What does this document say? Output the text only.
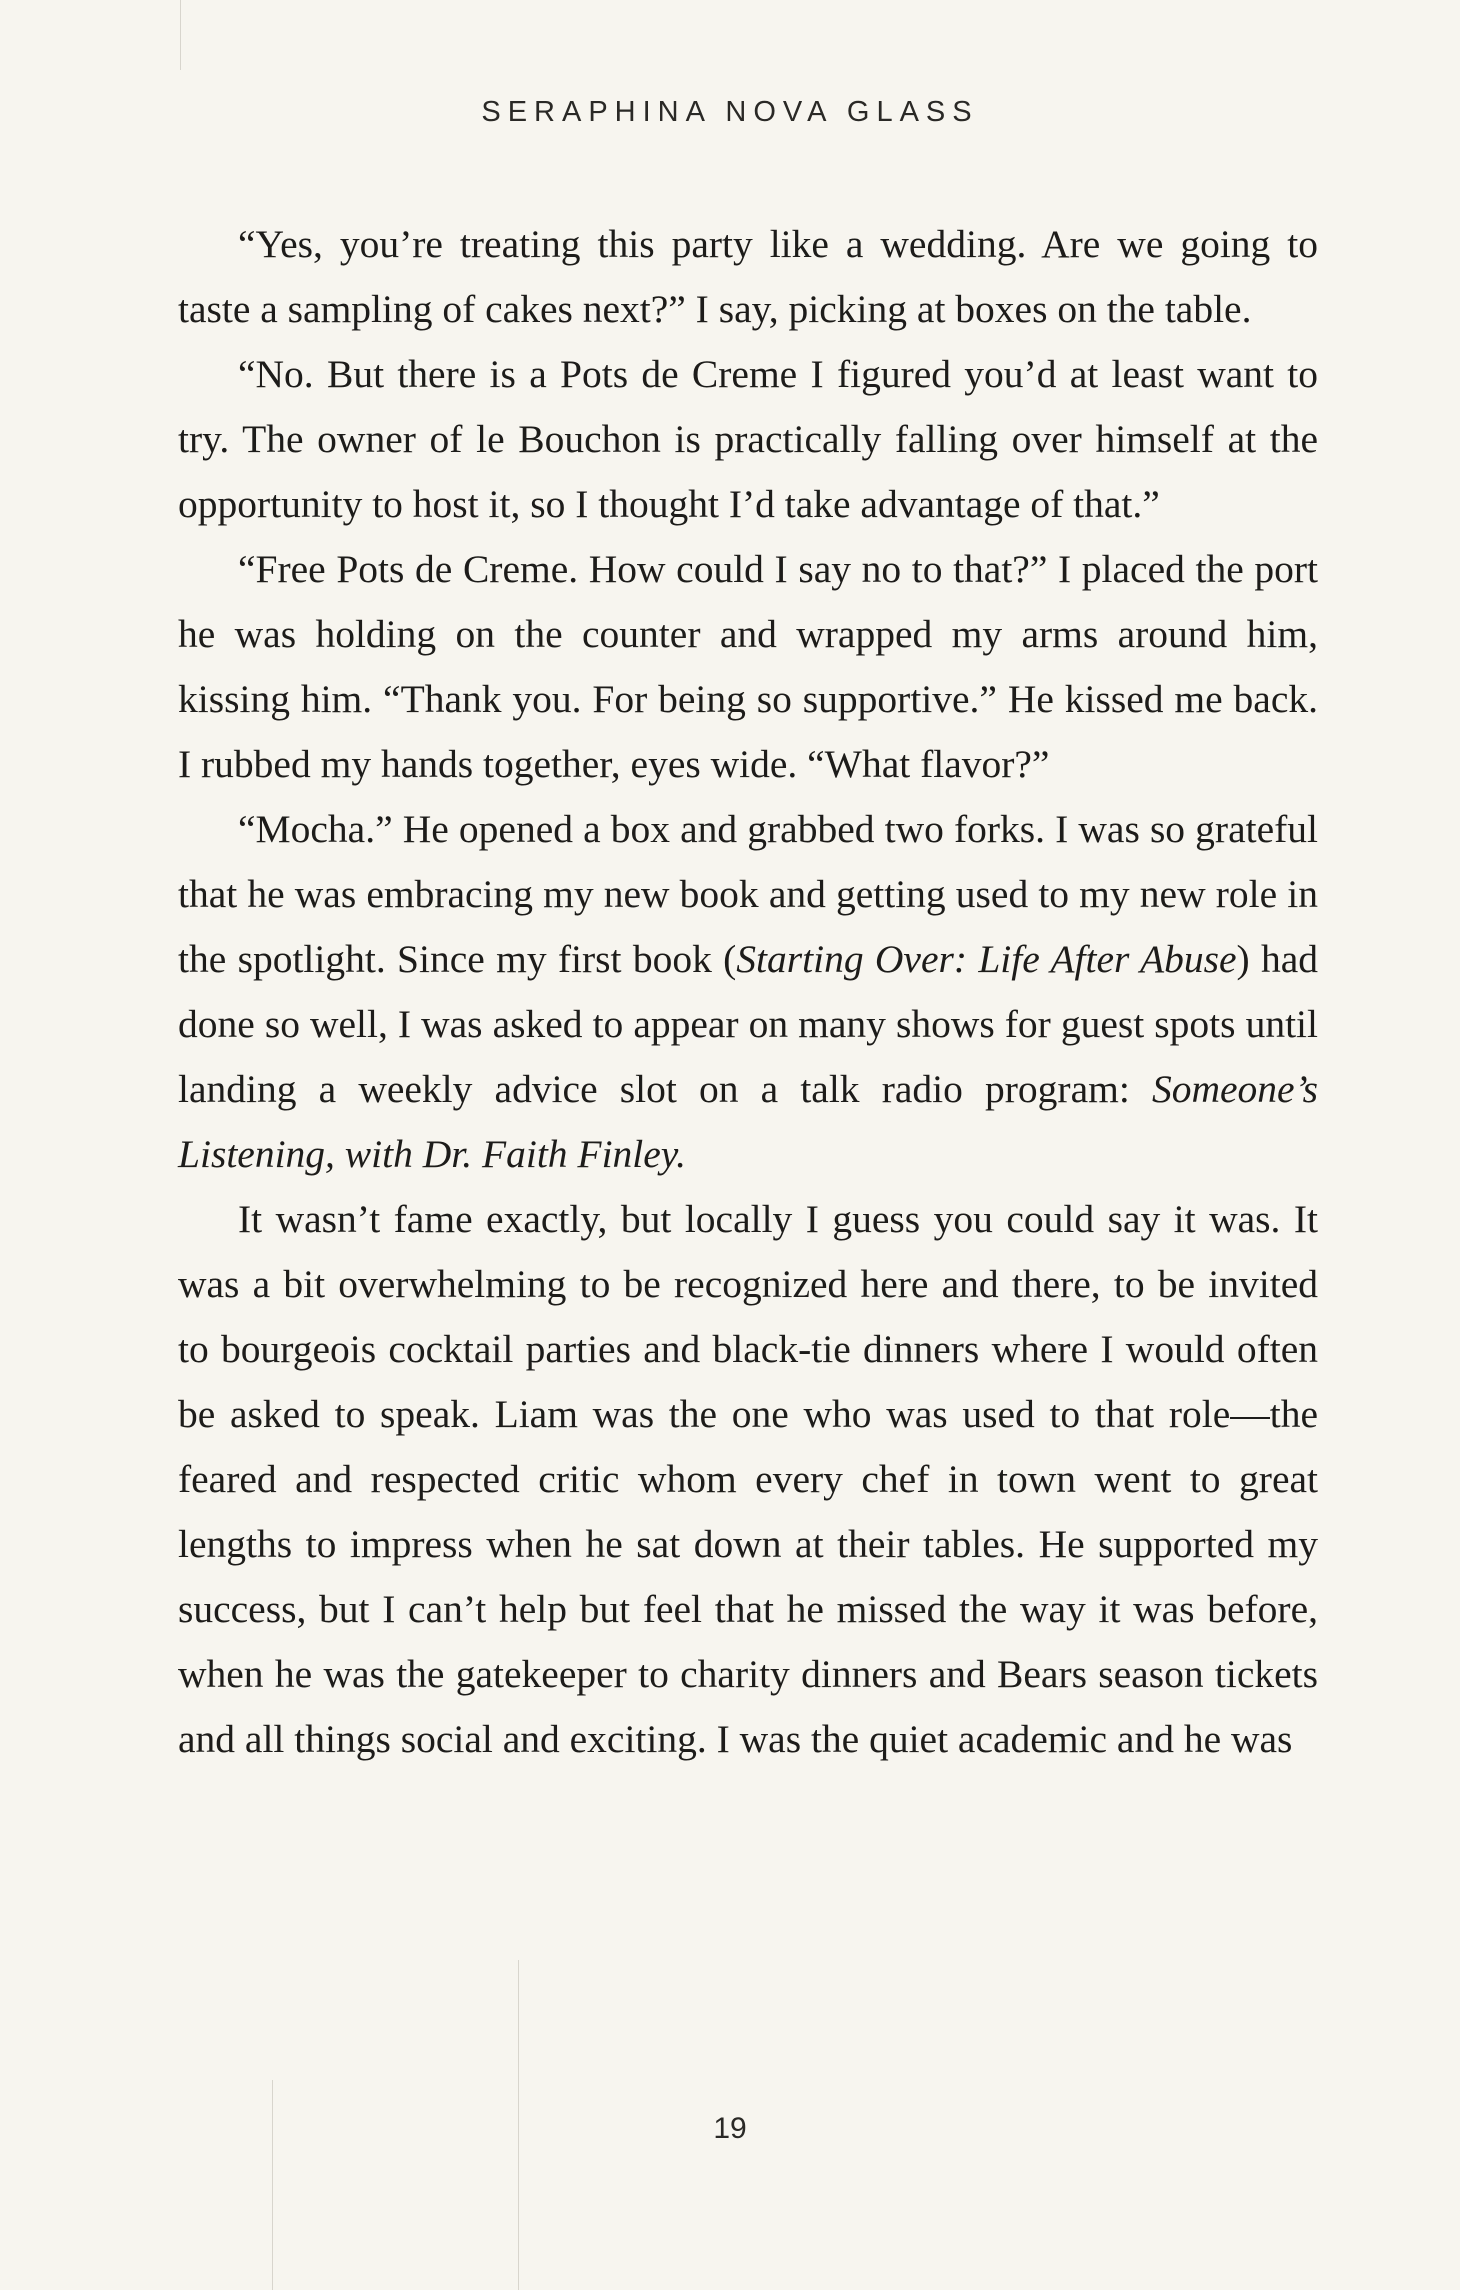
SERAPHINA NOVA GLASS

“Yes, you’re treating this party like a wedding. Are we going to taste a sampling of cakes next?” I say, picking at boxes on the table.

“No. But there is a Pots de Creme I figured you’d at least want to try. The owner of le Bouchon is practically falling over himself at the opportunity to host it, so I thought I’d take advantage of that.”

“Free Pots de Creme. How could I say no to that?” I placed the port he was holding on the counter and wrapped my arms around him, kissing him. “Thank you. For being so supportive.” He kissed me back. I rubbed my hands together, eyes wide. “What flavor?”

“Mocha.” He opened a box and grabbed two forks. I was so grateful that he was embracing my new book and getting used to my new role in the spotlight. Since my first book (Starting Over: Life After Abuse) had done so well, I was asked to appear on many shows for guest spots until landing a weekly advice slot on a talk radio program: Someone’s Listening, with Dr. Faith Finley.

It wasn’t fame exactly, but locally I guess you could say it was. It was a bit overwhelming to be recognized here and there, to be invited to bourgeois cocktail parties and black-tie dinners where I would often be asked to speak. Liam was the one who was used to that role—the feared and respected critic whom every chef in town went to great lengths to impress when he sat down at their tables. He supported my success, but I can’t help but feel that he missed the way it was before, when he was the gatekeeper to charity dinners and Bears season tickets and all things social and exciting. I was the quiet academic and he was

19
